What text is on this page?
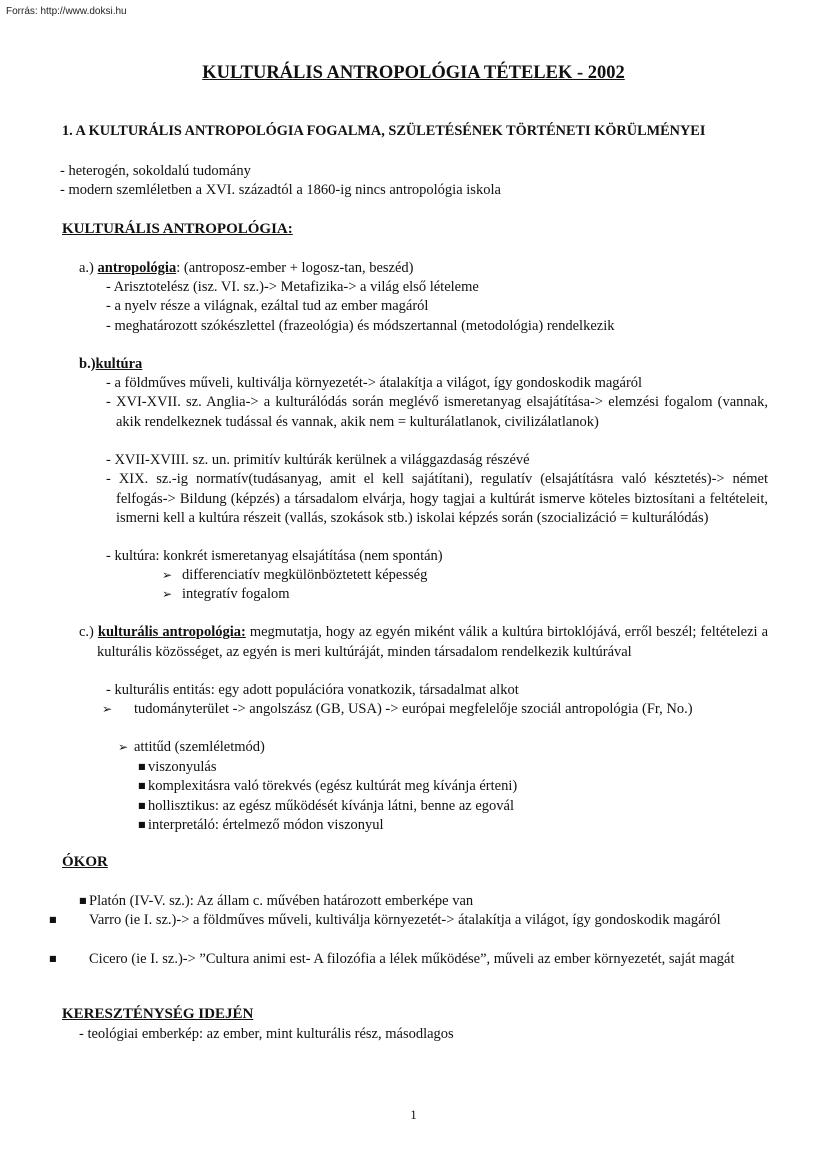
Forrás: http://www.doksi.hu
KULTURÁLIS ANTROPOLÓGIA TÉTELEK - 2002
1. A KULTURÁLIS ANTROPOLÓGIA FOGALMA, SZÜLETÉSÉNEK TÖRTÉNETI KÖRÜLMÉNYEI
- heterogén, sokoldalú tudomány
- modern szemléletben a XVI. századtól a 1860-ig nincs antropológia iskola
KULTURÁLIS ANTROPOLÓGIA:
a.) antropológia: (antroposz-ember + logosz-tan, beszéd)
- Arisztotelész (isz. VI. sz.)-> Metafizika-> a világ első lételeme
- a nyelv része a világnak, ezáltal tud az ember magáról
- meghatározott szókészlettel (frazeológia) és módszertannal (metodológia) rendelkezik
b.)kultúra
- a földműves műveli, kultiválja környezetét-> átalakítja a világot, így gondoskodik magáról
- XVI-XVII. sz. Anglia-> a kulturálódás során meglévő ismeretanyag elsajátítása-> elemzési fogalom (vannak, akik rendelkeznek tudással és vannak, akik nem = kulturálatlanok, civilizálatlanok)
- XVII-XVIII. sz. un. primitív kultúrák kerülnek a világgazdaság részévé
- XIX. sz.-ig normatív(tudásanyag, amit el kell sajátítani), regulatív (elsajátításra való késztetés)-> német felfogás-> Bildung (képzés) a társadalom elvárja, hogy tagjai a kultúrát ismerve köteles biztosítani a feltételeit, ismerni kell a kultúra részeit (vallás, szokások stb.) iskolai képzés során (szocializáció = kulturálódás)
- kultúra: konkrét ismeretanyag elsajátítása (nem spontán)
➢ differenciatív megkülönböztetett képesség
➢ integratív fogalom
c.) kulturális antropológia: megmutatja, hogy az egyén miként válik a kultúra birtoklójává, erről beszél; feltételezi a kulturális közösséget, az egyén is meri kultúráját, minden társadalom rendelkezik kultúrával
- kulturális entitás: egy adott populációra vonatkozik, társadalmat alkot
➢ tudományterület -> angolszász (GB, USA) -> európai megfelelője szociál antropológia (Fr, No.)
➢ attitűd (szemléletmód)
■ viszonyulás
■ komplexitásra való törekvés (egész kultúrát meg kívánja érteni)
■ hollisztikus: az egész működését kívánja látni, benne az egovál
■ interpretáló: értelmező módon viszonyul
ÓKOR
■ Platón (IV-V. sz.): Az állam c. művében határozott emberképe van
■ Varro (ie I. sz.)-> a földműves műveli, kultiválja környezetét-> átalakítja a világot, így gondoskodik magáról
■ Cicero (ie I. sz.)-> ”Cultura animi est- A filozófia a lélek működése”, műveli az ember környezetét, saját magát
KERESZTÉNYSÉG IDEJÉN
- teológiai emberkép: az ember, mint kulturális rész, másodlagos
1
